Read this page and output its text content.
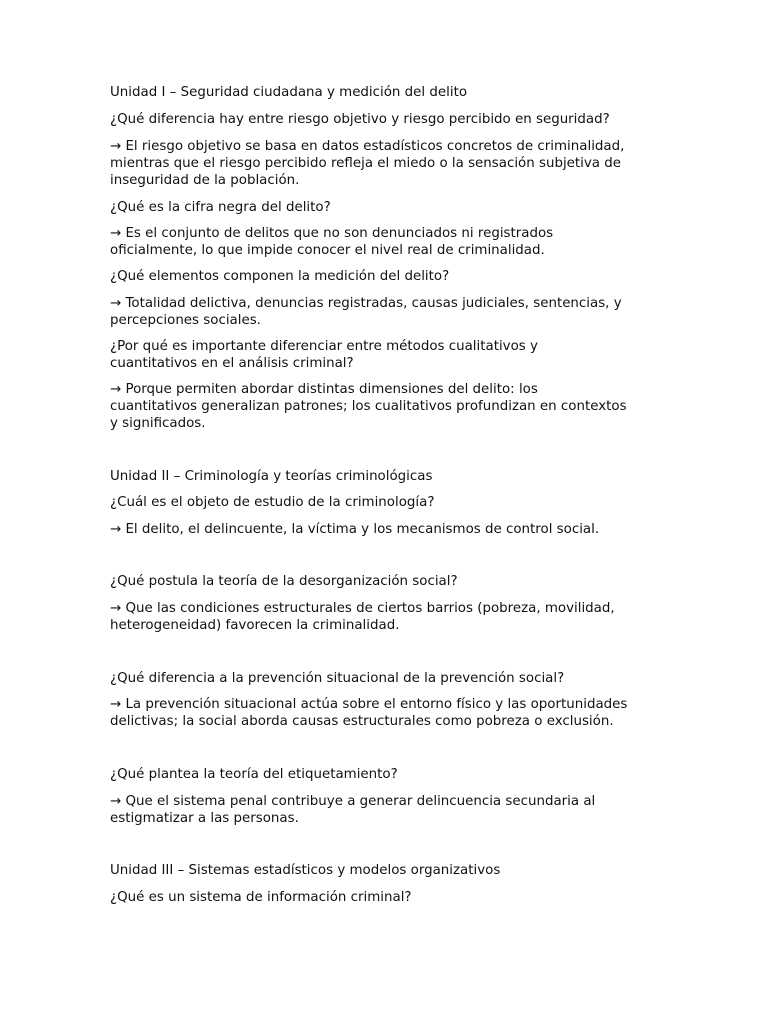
Unidad I – Seguridad ciudadana y medición del delito

¿Qué diferencia hay entre riesgo objetivo y riesgo percibido en seguridad?

→ El riesgo objetivo se basa en datos estadísticos concretos de criminalidad,

mientras que el riesgo percibido refleja el miedo o la sensación subjetiva de

inseguridad de la población.

¿Qué es la cifra negra del delito?

→ Es el conjunto de delitos que no son denunciados ni registrados

oficialmente, lo que impide conocer el nivel real de criminalidad.

¿Qué elementos componen la medición del delito?

→ Totalidad delictiva, denuncias registradas, causas judiciales, sentencias, y

percepciones sociales.

¿Por qué es importante diferenciar entre métodos cualitativos y

cuantitativos en el análisis criminal?

→ Porque permiten abordar distintas dimensiones del delito: los

cuantitativos generalizan patrones; los cualitativos profundizan en contextos

y significados.

Unidad II – Criminología y teorías criminológicas

¿Cuál es el objeto de estudio de la criminología?

→ El delito, el delincuente, la víctima y los mecanismos de control social.

¿Qué postula la teoría de la desorganización social?

→ Que las condiciones estructurales de ciertos barrios (pobreza, movilidad,

heterogeneidad) favorecen la criminalidad.

¿Qué diferencia a la prevención situacional de la prevención social?

→ La prevención situacional actúa sobre el entorno físico y las oportunidades

delictivas; la social aborda causas estructurales como pobreza o exclusión.

¿Qué plantea la teoría del etiquetamiento?

→ Que el sistema penal contribuye a generar delincuencia secundaria al

estigmatizar a las personas.

Unidad III – Sistemas estadísticos y modelos organizativos

¿Qué es un sistema de información criminal?
